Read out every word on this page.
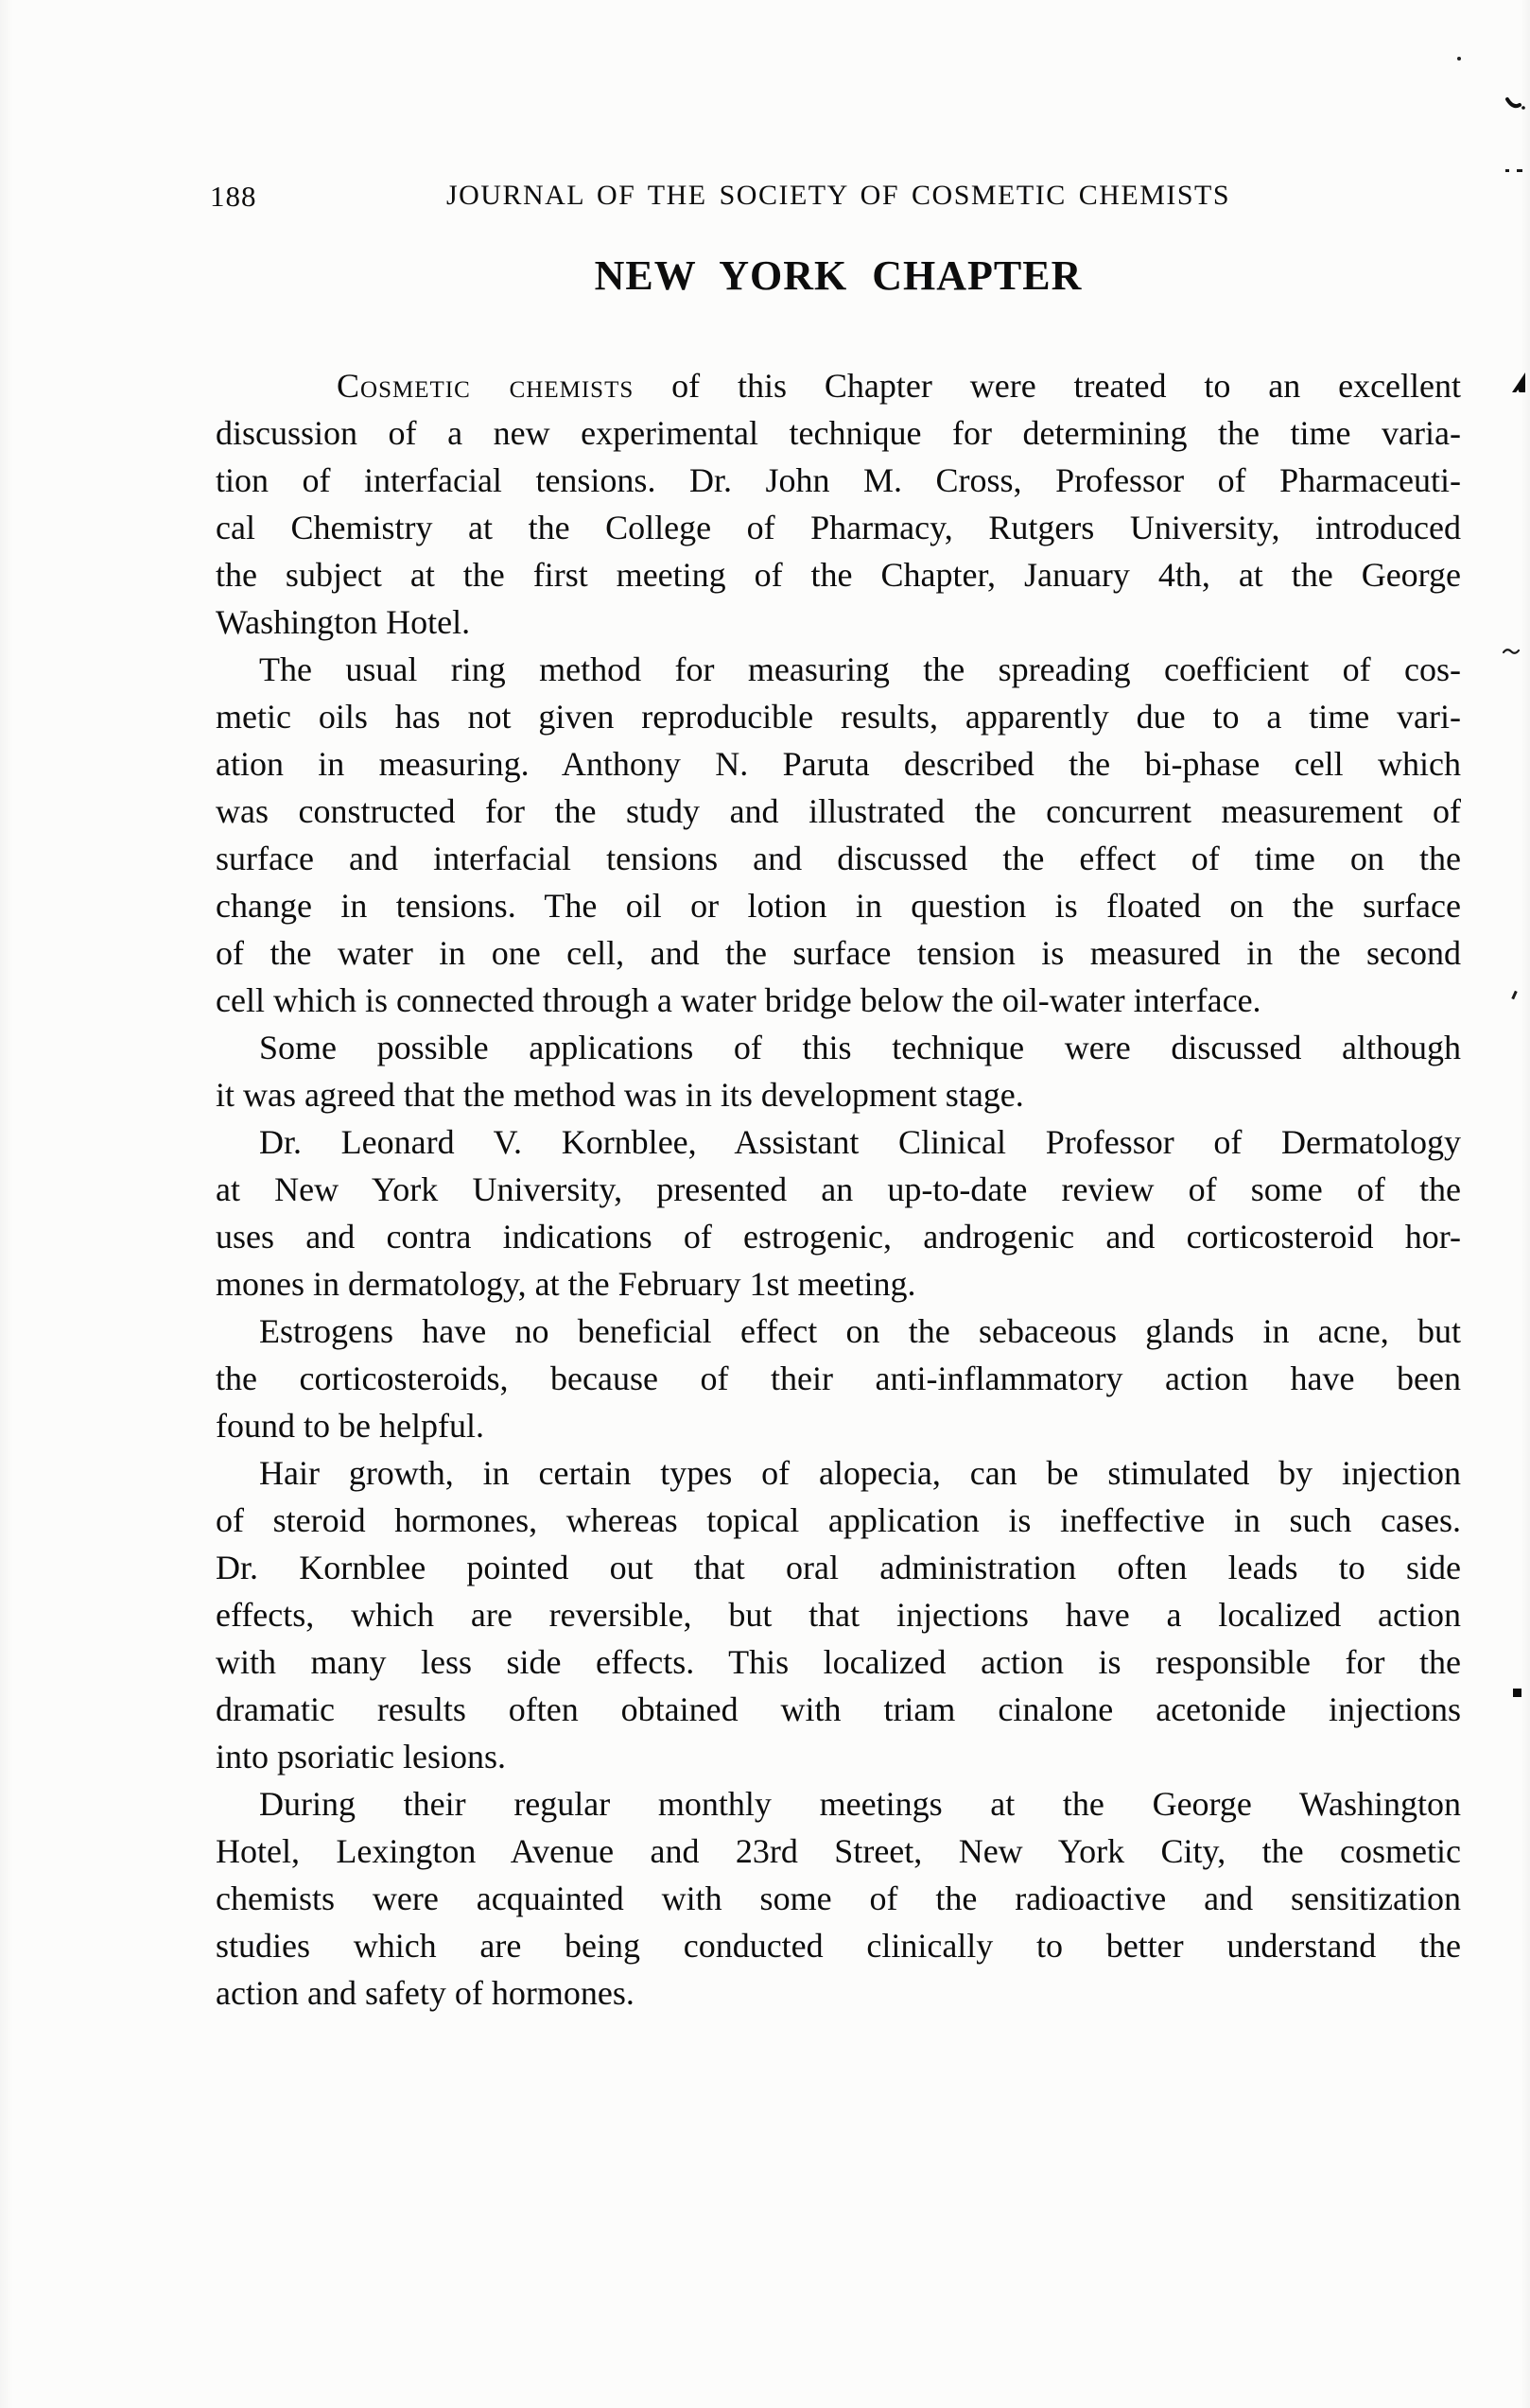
188	JOURNAL OF THE SOCIETY OF COSMETIC CHEMISTS
NEW YORK CHAPTER
Cosmetic chemists of this Chapter were treated to an excellent
discussion of a new experimental technique for determining the time varia-
tion of interfacial tensions. Dr. John M. Cross, Professor of Pharmaceuti-
cal Chemistry at the College of Pharmacy, Rutgers University, introduced
the subject at the first meeting of the Chapter, January 4th, at the George
Washington Hotel.
The usual ring method for measuring the spreading coefficient of cos-
metic oils has not given reproducible results, apparently due to a time vari-
ation in measuring. Anthony N. Paruta described the bi-phase cell which
was constructed for the study and illustrated the concurrent measurement of
surface and interfacial tensions and discussed the effect of time on the
change in tensions. The oil or lotion in question is floated on the surface
of the water in one cell, and the surface tension is measured in the second
cell which is connected through a water bridge below the oil-water interface.
Some possible applications of this technique were discussed although
it was agreed that the method was in its development stage.
Dr. Leonard V. Kornblee, Assistant Clinical Professor of Dermatology
at New York University, presented an up-to-date review of some of the
uses and contra indications of estrogenic, androgenic and corticosteroid hor-
mones in dermatology, at the February 1st meeting.
Estrogens have no beneficial effect on the sebaceous glands in acne, but
the corticosteroids, because of their anti-inflammatory action have been
found to be helpful.
Hair growth, in certain types of alopecia, can be stimulated by injection
of steroid hormones, whereas topical application is ineffective in such cases.
Dr. Kornblee pointed out that oral administration often leads to side
effects, which are reversible, but that injections have a localized action
with many less side effects. This localized action is responsible for the
dramatic results often obtained with triam cinalone acetonide injections
into psoriatic lesions.
During their regular monthly meetings at the George Washington
Hotel, Lexington Avenue and 23rd Street, New York City, the cosmetic
chemists were acquainted with some of the radioactive and sensitization
studies which are being conducted clinically to better understand the
action and safety of hormones.
